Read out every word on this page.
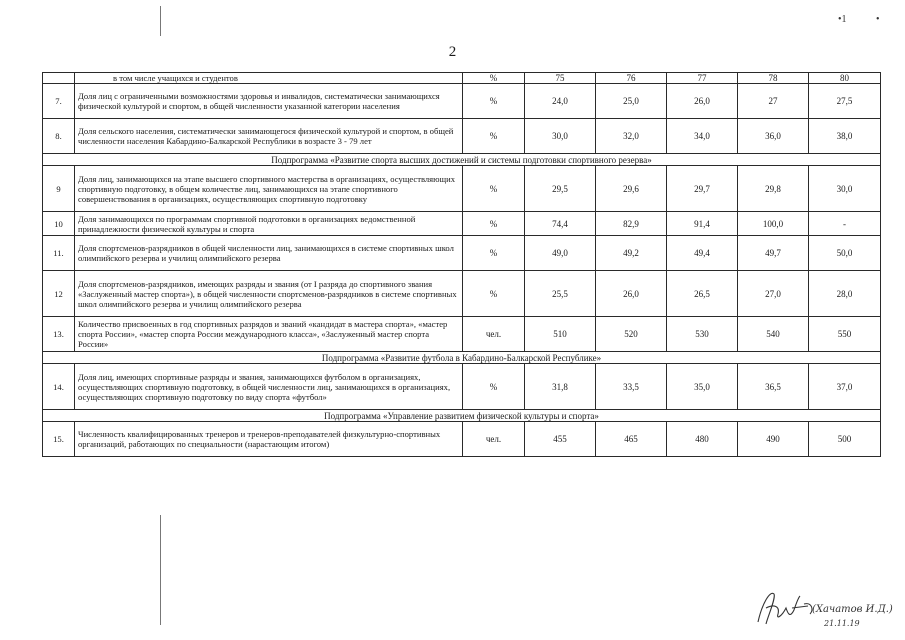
2
•1	•
	в том числе учащихся и студентов	%	75	76	77	78	80
7.	Доля лиц с ограниченными возможностями здоровья и инвалидов, систематически занимающихся физической культурой и спортом, в общей численности указанной категории населения	%	24,0	25,0	26,0	27	27,5
8.	Доля сельского населения, систематически занимающегося физической культурой и спортом, в общей численности населения Кабардино-Балкарской Республики в возрасте 3 - 79 лет	%	30,0	32,0	34,0	36,0	38,0
Подпрограмма «Развитие спорта высших достижений и системы подготовки спортивного резерва»							
9	Доля лиц, занимающихся на этапе высшего спортивного мастерства в организациях, осуществляющих спортивную подготовку, в общем количестве лиц, занимающихся на этапе спортивного совершенствования в организациях, осуществляющих спортивную подготовку	%	29,5	29,6	29,7	29,8	30,0
10	Доля занимающихся по программам спортивной подготовки в организациях ведомственной принадлежности физической культуры и спорта	%	74,4	82,9	91,4	100,0	-
11.	Доля спортсменов-разрядников в общей численности лиц, занимающихся в системе спортивных школ олимпийского резерва и училищ олимпийского резерва	%	49,0	49,2	49,4	49,7	50,0
12	Доля спортсменов-разрядников, имеющих разряды и звания (от I разряда до спортивного звания «Заслуженный мастер спорта»), в общей численности спортсменов-разрядников в системе спортивных школ олимпийского резерва и училищ олимпийского резерва	%	25,5	26,0	26,5	27,0	28,0
13.	Количество присвоенных в год спортивных разрядов и званий «кандидат в мастера спорта», «мастер спорта России», «мастер спорта России международного класса», «Заслуженный мастер спорта России»	чел.	510	520	530	540	550
Подпрограмма «Развитие футбола в Кабардино-Балкарской Республике»							
14.	Доля лиц, имеющих спортивные разряды и звания, занимающихся футболом в организациях, осуществляющих спортивную подготовку, в общей численности лиц, занимающихся в организациях, осуществляющих спортивную подготовку по виду спорта «футбол»	%	31,8	33,5	35,0	36,5	37,0
Подпрограмма «Управление развитием физической культуры и спорта»							
15.	Численность квалифицированных тренеров и тренеров-преподавателей физкультурно-спортивных организаций, работающих по специальности (нарастающим итогом)	чел.	455	465	480	490	500
(Хачатов И.Д.)
21.11.19
